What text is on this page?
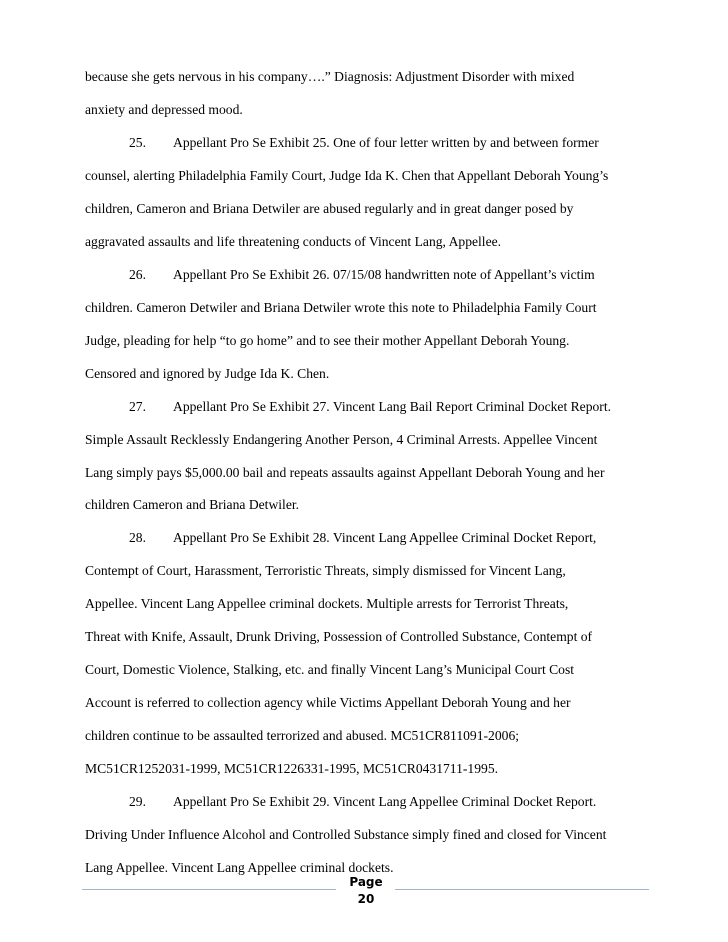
because she gets nervous in his company….” Diagnosis: Adjustment Disorder with mixed
anxiety and depressed mood.
25. Appellant Pro Se Exhibit 25. One of four letter written by and between former
counsel, alerting Philadelphia Family Court, Judge Ida K. Chen that Appellant Deborah Young’s
children, Cameron and Briana Detwiler are abused regularly and in great danger posed by
aggravated assaults and life threatening conducts of Vincent Lang, Appellee.
26. Appellant Pro Se Exhibit 26. 07/15/08 handwritten note of Appellant’s victim
children. Cameron Detwiler and Briana Detwiler wrote this note to Philadelphia Family Court
Judge, pleading for help “to go home” and to see their mother Appellant Deborah Young.
Censored and ignored by Judge Ida K. Chen.
27. Appellant Pro Se Exhibit 27. Vincent Lang Bail Report Criminal Docket Report.
Simple Assault Recklessly Endangering Another Person, 4 Criminal Arrests. Appellee Vincent
Lang simply pays $5,000.00 bail and repeats assaults against Appellant Deborah Young and her
children Cameron and Briana Detwiler.
28. Appellant Pro Se Exhibit 28. Vincent Lang Appellee Criminal Docket Report,
Contempt of Court, Harassment, Terroristic Threats, simply dismissed for Vincent Lang,
Appellee. Vincent Lang Appellee criminal dockets. Multiple arrests for Terrorist Threats,
Threat with Knife, Assault, Drunk Driving, Possession of Controlled Substance, Contempt of
Court, Domestic Violence, Stalking, etc. and finally Vincent Lang’s Municipal Court Cost
Account is referred to collection agency while Victims Appellant Deborah Young and her
children continue to be assaulted terrorized and abused. MC51CR811091-2006;
MC51CR1252031-1999, MC51CR1226331-1995, MC51CR0431711-1995.
29. Appellant Pro Se Exhibit 29. Vincent Lang Appellee Criminal Docket Report.
Driving Under Influence Alcohol and Controlled Substance simply fined and closed for Vincent
Lang Appellee. Vincent Lang Appellee criminal dockets.
Page
20
